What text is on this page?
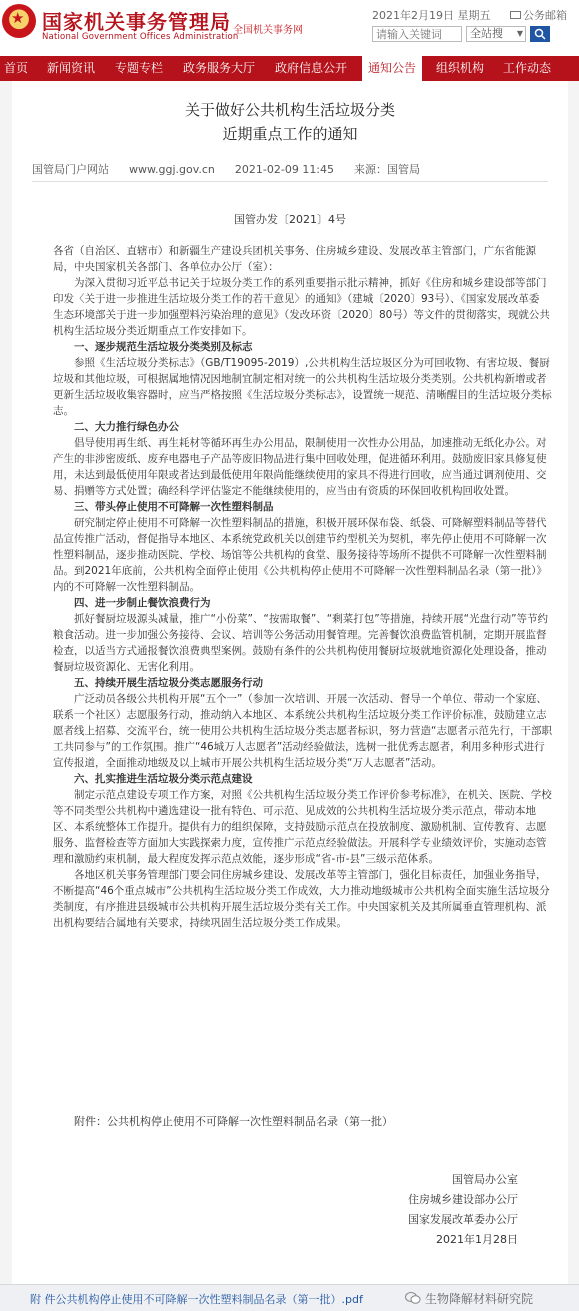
★
国家机关事务管理局
National Government Offices Administration
全国机关事务网
2021年2月19日 星期五	公务邮箱
请输入关键词
全站搜 ▼
首页 新闻资讯 专题专栏 政务服务大厅 政府信息公开	通知公告	组织机构 工作动态
关于做好公共机构生活垃圾分类
近期重点工作的通知
国管局门户网站 www.ggj.gov.cn 2021-02-09 11:45 来源：国管局
国管办发〔2021〕4号

各省（自治区、直辖市）和新疆生产建设兵团机关事务、住房城乡建设、发展改革主管部门，广东省能源局，中央国家机关各部门、各单位办公厅（室）：

为深入贯彻习近平总书记关于垃圾分类工作的系列重要指示批示精神，抓好《住房和城乡建设部等部门印发〈关于进一步推进生活垃圾分类工作的若干意见〉的通知》（建城〔2020〕93号）、《国家发展改革委 生态环境部关于进一步加强塑料污染治理的意见》（发改环资〔2020〕80号）等文件的贯彻落实，现就公共机构生活垃圾分类近期重点工作安排如下。

一、逐步规范生活垃圾分类类别及标志

参照《生活垃圾分类标志》（GB/T19095-2019）,公共机构生活垃圾区分为可回收物、有害垃圾、餐厨垃圾和其他垃圾，可根据属地情况因地制宜制定相对统一的公共机构生活垃圾分类类别。公共机构新增或者更新生活垃圾收集容器时，应当严格按照《生活垃圾分类标志》，设置统一规范、清晰醒目的生活垃圾分类标志。

二、大力推行绿色办公

倡导使用再生纸、再生耗材等循环再生办公用品，限制使用一次性办公用品，加速推动无纸化办公。对产生的非涉密废纸、废弃电器电子产品等废旧物品进行集中回收处理，促进循环利用。鼓励废旧家具修复使用，未达到最低使用年限或者达到最低使用年限尚能继续使用的家具不得进行回收，应当通过调剂使用、交易、捐赠等方式处置；确经科学评估鉴定不能继续使用的，应当由有资质的环保回收机构回收处置。

三、带头停止使用不可降解一次性塑料制品

研究制定停止使用不可降解一次性塑料制品的措施，积极开展环保布袋、纸袋、可降解塑料制品等替代品宣传推广活动，督促指导本地区、本系统党政机关以创建节约型机关为契机，率先停止使用不可降解一次性塑料制品，逐步推动医院、学校、场馆等公共机构的食堂、服务接待等场所不提供不可降解一次性塑料制品。到2021年底前，公共机构全面停止使用《公共机构停止使用不可降解一次性塑料制品名录（第一批）》内的不可降解一次性塑料制品。

四、进一步制止餐饮浪费行为

抓好餐厨垃圾源头减量，推广“小份菜”、“按需取餐”、“剩菜打包”等措施，持续开展“光盘行动”等节约粮食活动。进一步加强公务接待、会议、培训等公务活动用餐管理。完善餐饮浪费监管机制，定期开展监督检查，以适当方式通报餐饮浪费典型案例。鼓励有条件的公共机构使用餐厨垃圾就地资源化处理设备，推动餐厨垃圾资源化、无害化利用。

五、持续开展生活垃圾分类志愿服务行动

广泛动员各级公共机构开展“五个一”（参加一次培训、开展一次活动、督导一个单位、带动一个家庭、联系一个社区）志愿服务行动，推动纳入本地区、本系统公共机构生活垃圾分类工作评价标准，鼓励建立志愿者线上招募、交流平台，统一使用公共机构生活垃圾分类志愿者标识，努力营造“志愿者示范先行，干部职工共同参与”的工作氛围。推广“46城万人志愿者”活动经验做法，选树一批优秀志愿者，利用多种形式进行宣传报道，全面推动地级及以上城市开展公共机构生活垃圾分类“万人志愿者”活动。

六、扎实推进生活垃圾分类示范点建设

制定示范点建设专项工作方案，对照《公共机构生活垃圾分类工作评价参考标准》，在机关、医院、学校等不同类型公共机构中遴选建设一批有特色、可示范、见成效的公共机构生活垃圾分类示范点，带动本地区、本系统整体工作提升。提供有力的组织保障，支持鼓励示范点在投放制度、激励机制、宣传教育、志愿服务、监督检查等方面加大实践探索力度，宣传推广示范点经验做法。开展科学专业绩效评价，实施动态管理和激励约束机制，最大程度发挥示范点效能，逐步形成“省-市-县”三级示范体系。

各地区机关事务管理部门要会同住房城乡建设、发展改革等主管部门，强化目标责任，加强业务指导，不断提高“46个重点城市”公共机构生活垃圾分类工作成效，大力推动地级城市公共机构全面实施生活垃圾分类制度，有序推进县级城市公共机构开展生活垃圾分类有关工作。中央国家机关及其所属垂直管理机构、派出机构要结合属地有关要求，持续巩固生活垃圾分类工作成果。

附件：公共机构停止使用不可降解一次性塑料制品名录（第一批）
国管局办公室
住房城乡建设部办公厅
国家发展改革委办公厅
2021年1月28日
附 件公共机构停止使用不可降解一次性塑料制品名录（第一批）.pdf	生物降解材料研究院
